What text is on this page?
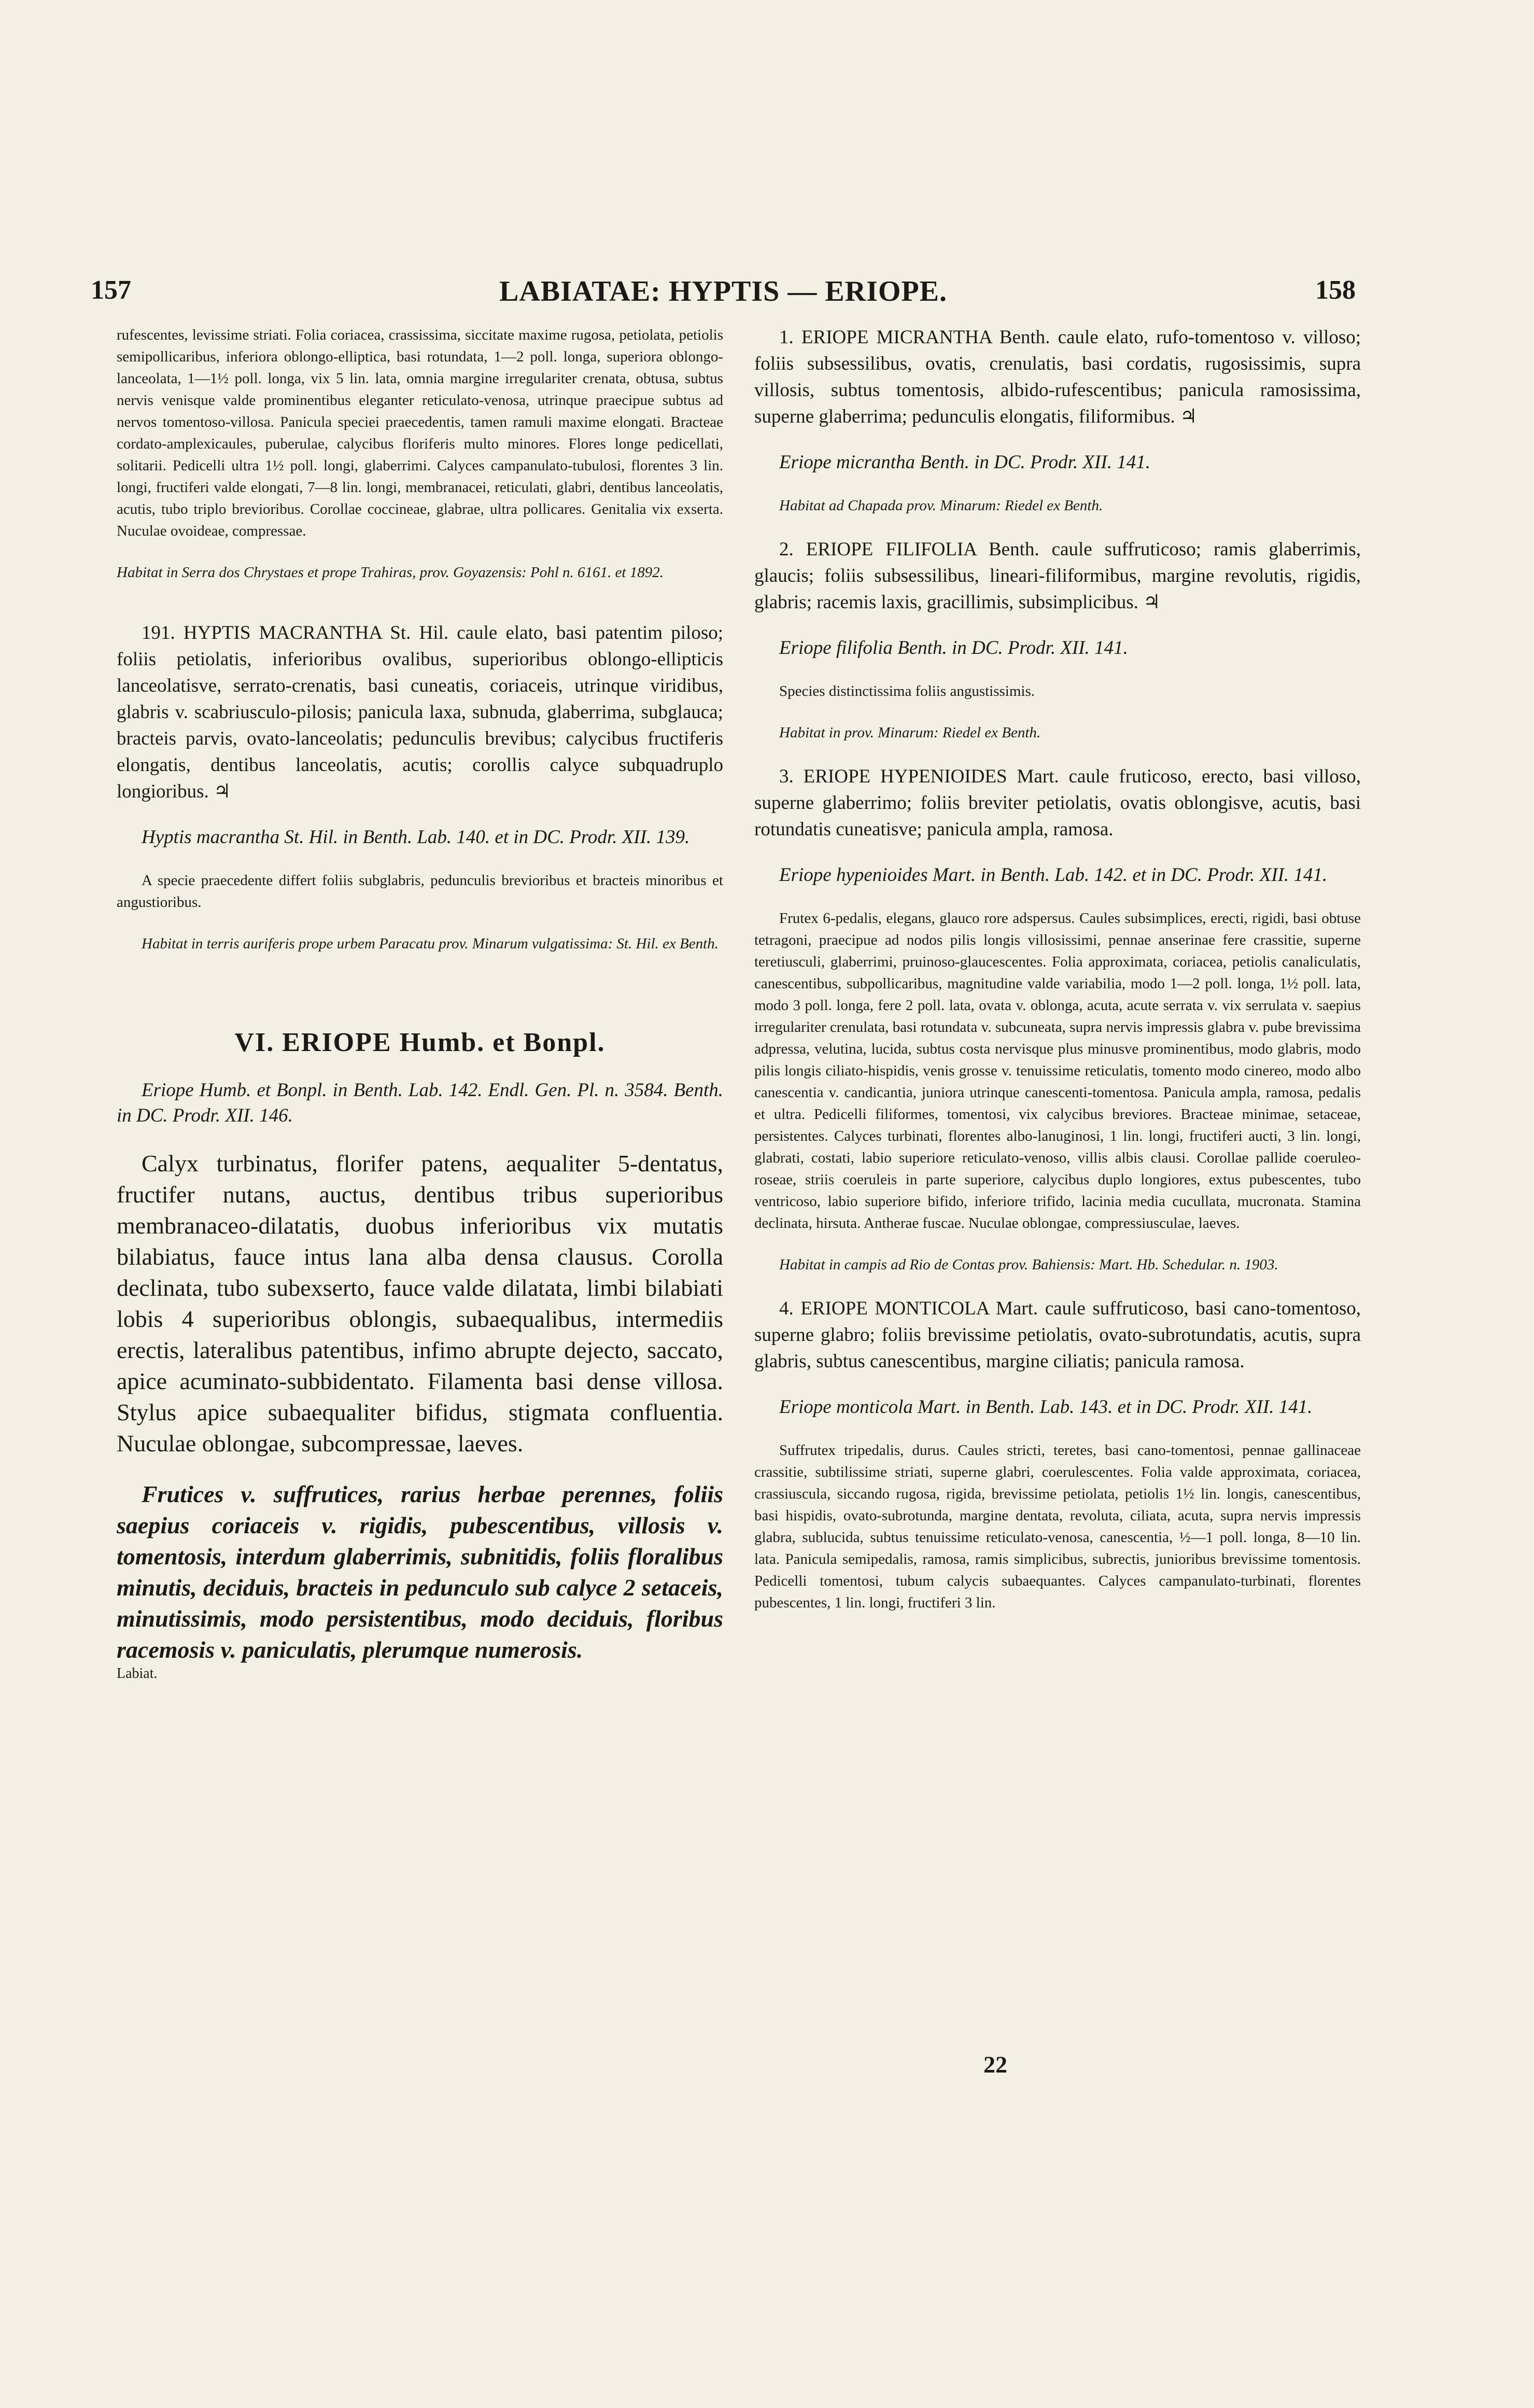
157	LABIATAE: HYPTIS — ERIOPE.	158

rufescentes, levissime striati. Folia coriacea, crassissima, siccitate maxime rugosa, petiolata, petiolis semipollicaribus, inferiora oblongo-elliptica, basi rotundata, 1—2 poll. longa, superiora oblongo-lanceolata, 1—1½ poll. longa, vix 5 lin. lata, omnia margine irregulariter crenata, obtusa, subtus nervis venisque valde prominentibus eleganter reticulato-venosa, utrinque praecipue subtus ad nervos tomentoso-villosa. Panicula speciei praecedentis, tamen ramuli maxime elongati. Bracteae cordato-amplexicaules, puberulae, calycibus floriferis multo minores. Flores longe pedicellati, solitarii. Pedicelli ultra 1½ poll. longi, glaberrimi. Calyces campanulato-tubulosi, florentes 3 lin. longi, fructiferi valde elongati, 7—8 lin. longi, membranacei, reticulati, glabri, dentibus lanceolatis, acutis, tubo triplo brevioribus. Corollae coccineae, glabrae, ultra pollicares. Genitalia vix exserta. Nuculae ovoideae, compressae.

Habitat in Serra dos Chrystaes et prope Trahiras, prov. Goyazensis: Pohl n. 6161. et 1892.

191. HYPTIS MACRANTHA St. Hil. caule elato, basi patentim piloso; foliis petiolatis, inferioribus ovalibus, superioribus oblongo-ellipticis lanceolatisve, serrato-crenatis, basi cuneatis, coriaceis, utrinque viridibus, glabris v. scabriusculo-pilosis; panicula laxa, subnuda, glaberrima, subglauca; bracteis parvis, ovato-lanceolatis; pedunculis brevibus; calycibus fructiferis elongatis, dentibus lanceolatis, acutis; corollis calyce subquadruplo longioribus. ♃

Hyptis macrantha St. Hil. in Benth. Lab. 140. et in DC. Prodr. XII. 139.

A specie praecedente differt foliis subglabris, pedunculis brevioribus et bracteis minoribus et angustioribus.

Habitat in terris auriferis prope urbem Paracatu prov. Minarum vulgatissima: St. Hil. ex Benth.

VI. ERIOPE Humb. et Bonpl.

Eriope Humb. et Bonpl. in Benth. Lab. 142. Endl. Gen. Pl. n. 3584. Benth. in DC. Prodr. XII. 146.

Calyx turbinatus, florifer patens, aequaliter 5-dentatus, fructifer nutans, auctus, dentibus tribus superioribus membranaceo-dilatatis, duobus inferioribus vix mutatis bilabiatus, fauce intus lana alba densa clausus. Corolla declinata, tubo subexserto, fauce valde dilatata, limbi bilabiati lobis 4 superioribus oblongis, subaequalibus, intermediis erectis, lateralibus patentibus, infimo abrupte dejecto, saccato, apice acuminato-subbidentato. Filamenta basi dense villosa. Stylus apice subaequaliter bifidus, stigmata confluentia. Nuculae oblongae, subcompressae, laeves.

Frutices v. suffrutices, rarius herbae perennes, foliis saepius coriaceis v. rigidis, pubescentibus, villosis v. tomentosis, interdum glaberrimis, subnitidis, foliis floralibus minutis, deciduis, bracteis in pedunculo sub calyce 2 setaceis, minutissimis, modo persistentibus, modo deciduis, floribus racemosis v. paniculatis, plerumque numerosis.

Labiat.

1. ERIOPE MICRANTHA Benth. caule elato, rufo-tomentoso v. villoso; foliis subsessilibus, ovatis, crenulatis, basi cordatis, rugosissimis, supra villosis, subtus tomentosis, albido-rufescentibus; panicula ramosissima, superne glaberrima; pedunculis elongatis, filiformibus. ♃

Eriope micrantha Benth. in DC. Prodr. XII. 141.

Habitat ad Chapada prov. Minarum: Riedel ex Benth.

2. ERIOPE FILIFOLIA Benth. caule suffruticoso; ramis glaberrimis, glaucis; foliis subsessilibus, lineari-filiformibus, margine revolutis, rigidis, glabris; racemis laxis, gracillimis, subsimplicibus. ♃

Eriope filifolia Benth. in DC. Prodr. XII. 141.

Species distinctissima foliis angustissimis.

Habitat in prov. Minarum: Riedel ex Benth.

3. ERIOPE HYPENIOIDES Mart. caule fruticoso, erecto, basi villoso, superne glaberrimo; foliis breviter petiolatis, ovatis oblongisve, acutis, basi rotundatis cuneatisve; panicula ampla, ramosa.

Eriope hypenioides Mart. in Benth. Lab. 142. et in DC. Prodr. XII. 141.

Frutex 6-pedalis, elegans, glauco rore adspersus. Caules subsimplices, erecti, rigidi, basi obtuse tetragoni, praecipue ad nodos pilis longis villosissimi, pennae anserinae fere crassitie, superne teretiusculi, glaberrimi, pruinoso-glaucescentes. Folia approximata, coriacea, petiolis canaliculatis, canescentibus, subpollicaribus, magnitudine valde variabilia, modo 1—2 poll. longa, 1½ poll. lata, modo 3 poll. longa, fere 2 poll. lata, ovata v. oblonga, acuta, acute serrata v. vix serrulata v. saepius irregulariter crenulata, basi rotundata v. subcuneata, supra nervis impressis glabra v. pube brevissima adpressa, velutina, lucida, subtus costa nervisque plus minusve prominentibus, modo glabris, modo pilis longis ciliato-hispidis, venis grosse v. tenuissime reticulatis, tomento modo cinereo, modo albo canescentia v. candicantia, juniora utrinque canescenti-tomentosa. Panicula ampla, ramosa, pedalis et ultra. Pedicelli filiformes, tomentosi, vix calycibus breviores. Bracteae minimae, setaceae, persistentes. Calyces turbinati, florentes albo-lanuginosi, 1 lin. longi, fructiferi aucti, 3 lin. longi, glabrati, costati, labio superiore reticulato-venoso, villis albis clausi. Corollae pallide coeruleo-roseae, striis coeruleis in parte superiore, calycibus duplo longiores, extus pubescentes, tubo ventricoso, labio superiore bifido, inferiore trifido, lacinia media cucullata, mucronata. Stamina declinata, hirsuta. Antherae fuscae. Nuculae oblongae, compressiusculae, laeves.

Habitat in campis ad Rio de Contas prov. Bahiensis: Mart. Hb. Schedular. n. 1903.

4. ERIOPE MONTICOLA Mart. caule suffruticoso, basi cano-tomentoso, superne glabro; foliis brevissime petiolatis, ovato-subrotundatis, acutis, supra glabris, subtus canescentibus, margine ciliatis; panicula ramosa.

Eriope monticola Mart. in Benth. Lab. 143. et in DC. Prodr. XII. 141.

Suffrutex tripedalis, durus. Caules stricti, teretes, basi cano-tomentosi, pennae gallinaceae crassitie, subtilissime striati, superne glabri, coerulescentes. Folia valde approximata, coriacea, crassiuscula, siccando rugosa, rigida, brevissime petiolata, petiolis 1½ lin. longis, canescentibus, basi hispidis, ovato-subrotunda, margine dentata, revoluta, ciliata, acuta, supra nervis impressis glabra, sublucida, subtus tenuissime reticulato-venosa, canescentia, ½—1 poll. longa, 8—10 lin. lata. Panicula semipedalis, ramosa, ramis simplicibus, subrectis, junioribus brevissime tomentosis. Pedicelli tomentosi, tubum calycis subaequantes. Calyces campanulato-turbinati, florentes pubescentes, 1 lin. longi, fructiferi 3 lin.

22
